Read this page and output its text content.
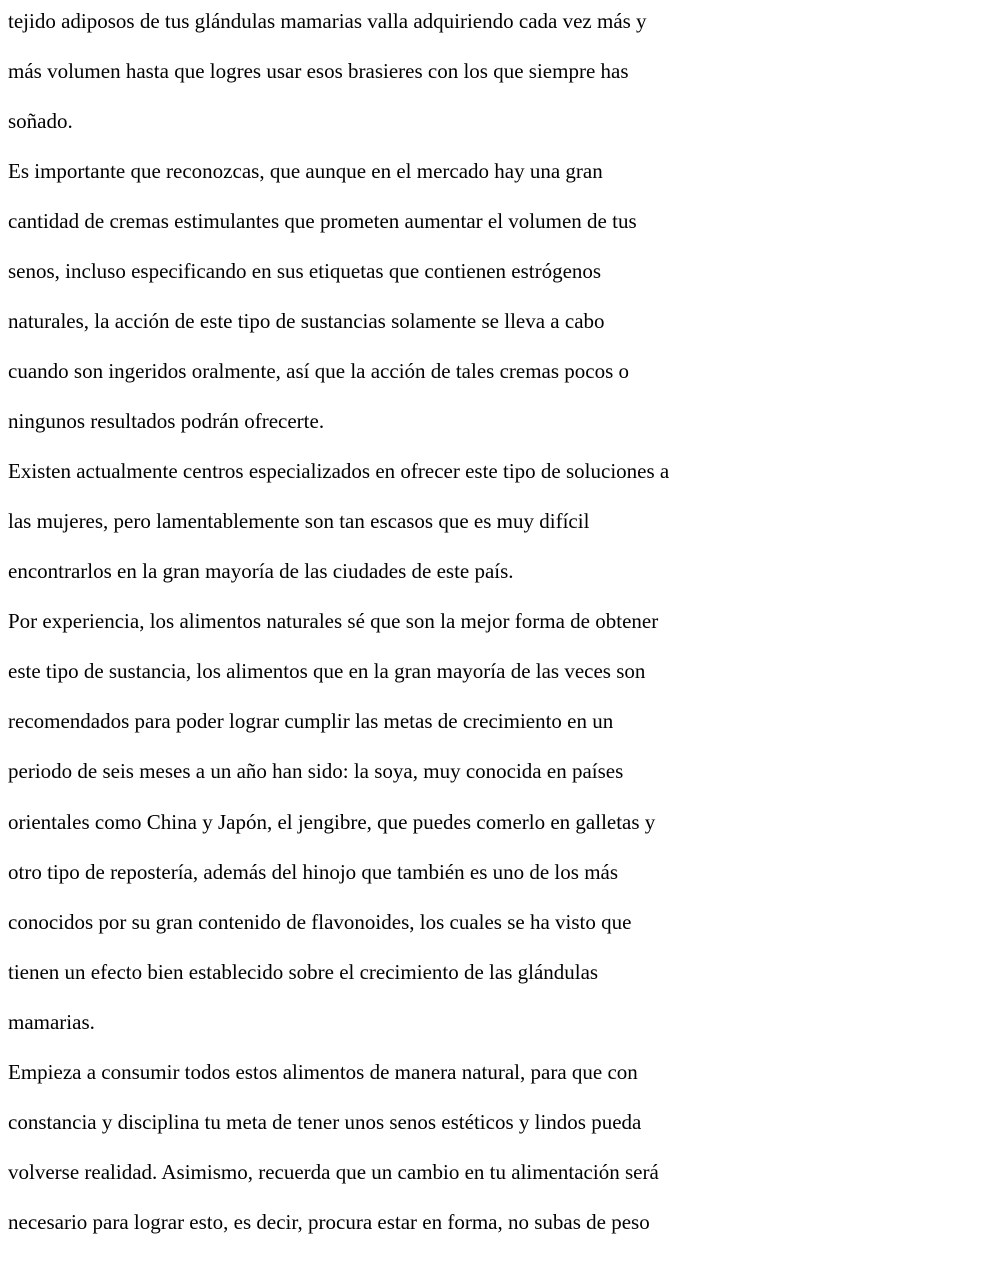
tejido adiposos de tus glándulas mamarias valla adquiriendo cada vez más y
más volumen hasta que logres usar esos brasieres con los que siempre has
soñado.
Es importante que reconozcas, que aunque en el mercado hay una gran
cantidad de cremas estimulantes que prometen aumentar el volumen de tus
senos, incluso especificando en sus etiquetas que contienen estrógenos
naturales, la acción de este tipo de sustancias solamente se lleva a cabo
cuando son ingeridos oralmente, así que la acción de tales cremas pocos o
ningunos resultados podrán ofrecerte.
Existen actualmente centros especializados en ofrecer este tipo de soluciones a
las mujeres, pero lamentablemente son tan escasos que es muy difícil
encontrarlos en la gran mayoría de las ciudades de este país.
Por experiencia, los alimentos naturales sé que son la mejor forma de obtener
este tipo de sustancia, los alimentos que en la gran mayoría de las veces son
recomendados para poder lograr cumplir las metas de crecimiento en un
periodo de seis meses a un año han sido: la soya, muy conocida en países
orientales como China y Japón, el jengibre, que puedes comerlo en galletas y
otro tipo de repostería, además del hinojo que también es uno de los más
conocidos por su gran contenido de flavonoides, los cuales se ha visto que
tienen un efecto bien establecido sobre el crecimiento de las glándulas
mamarias.
Empieza a consumir todos estos alimentos de manera natural, para que con
constancia y disciplina tu meta de tener unos senos estéticos y lindos pueda
volverse realidad. Asimismo, recuerda que un cambio en tu alimentación será
necesario para lograr esto, es decir, procura estar en forma, no subas de peso
